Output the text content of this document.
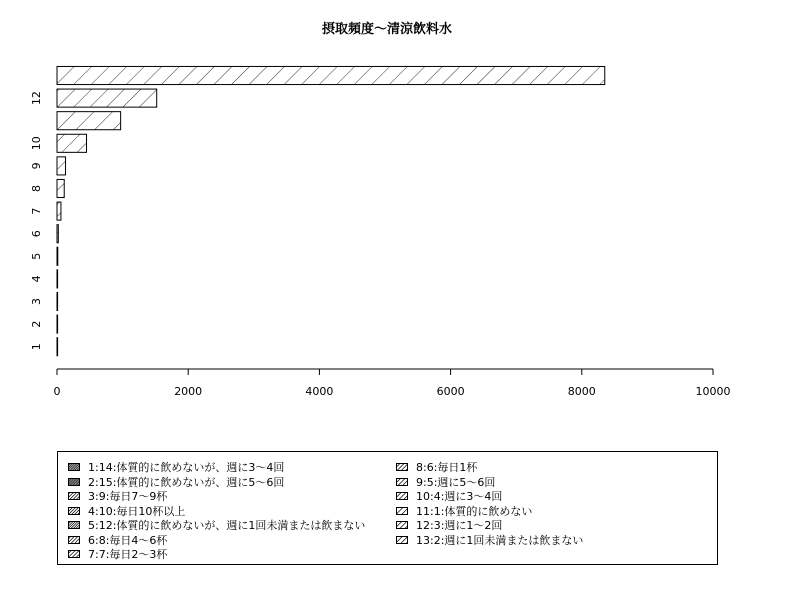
摂取頻度～清涼飲料水
0	2000	4000	6000	8000	10000
1
2
3
4
5
6
7
8
9
10
12
1:14:体質的に飲めないが、週に3～4回
2:15:体質的に飲めないが、週に5～6回
3:9:毎日7～9杯
4:10:毎日10杯以上
5:12:体質的に飲めないが、週に1回未満または飲まない
6:8:毎日4～6杯
7:7:毎日2～3杯
8:6:毎日1杯
9:5:週に5～6回
10:4:週に3～4回
11:1:体質的に飲めない
12:3:週に1～2回
13:2:週に1回未満または飲まない
